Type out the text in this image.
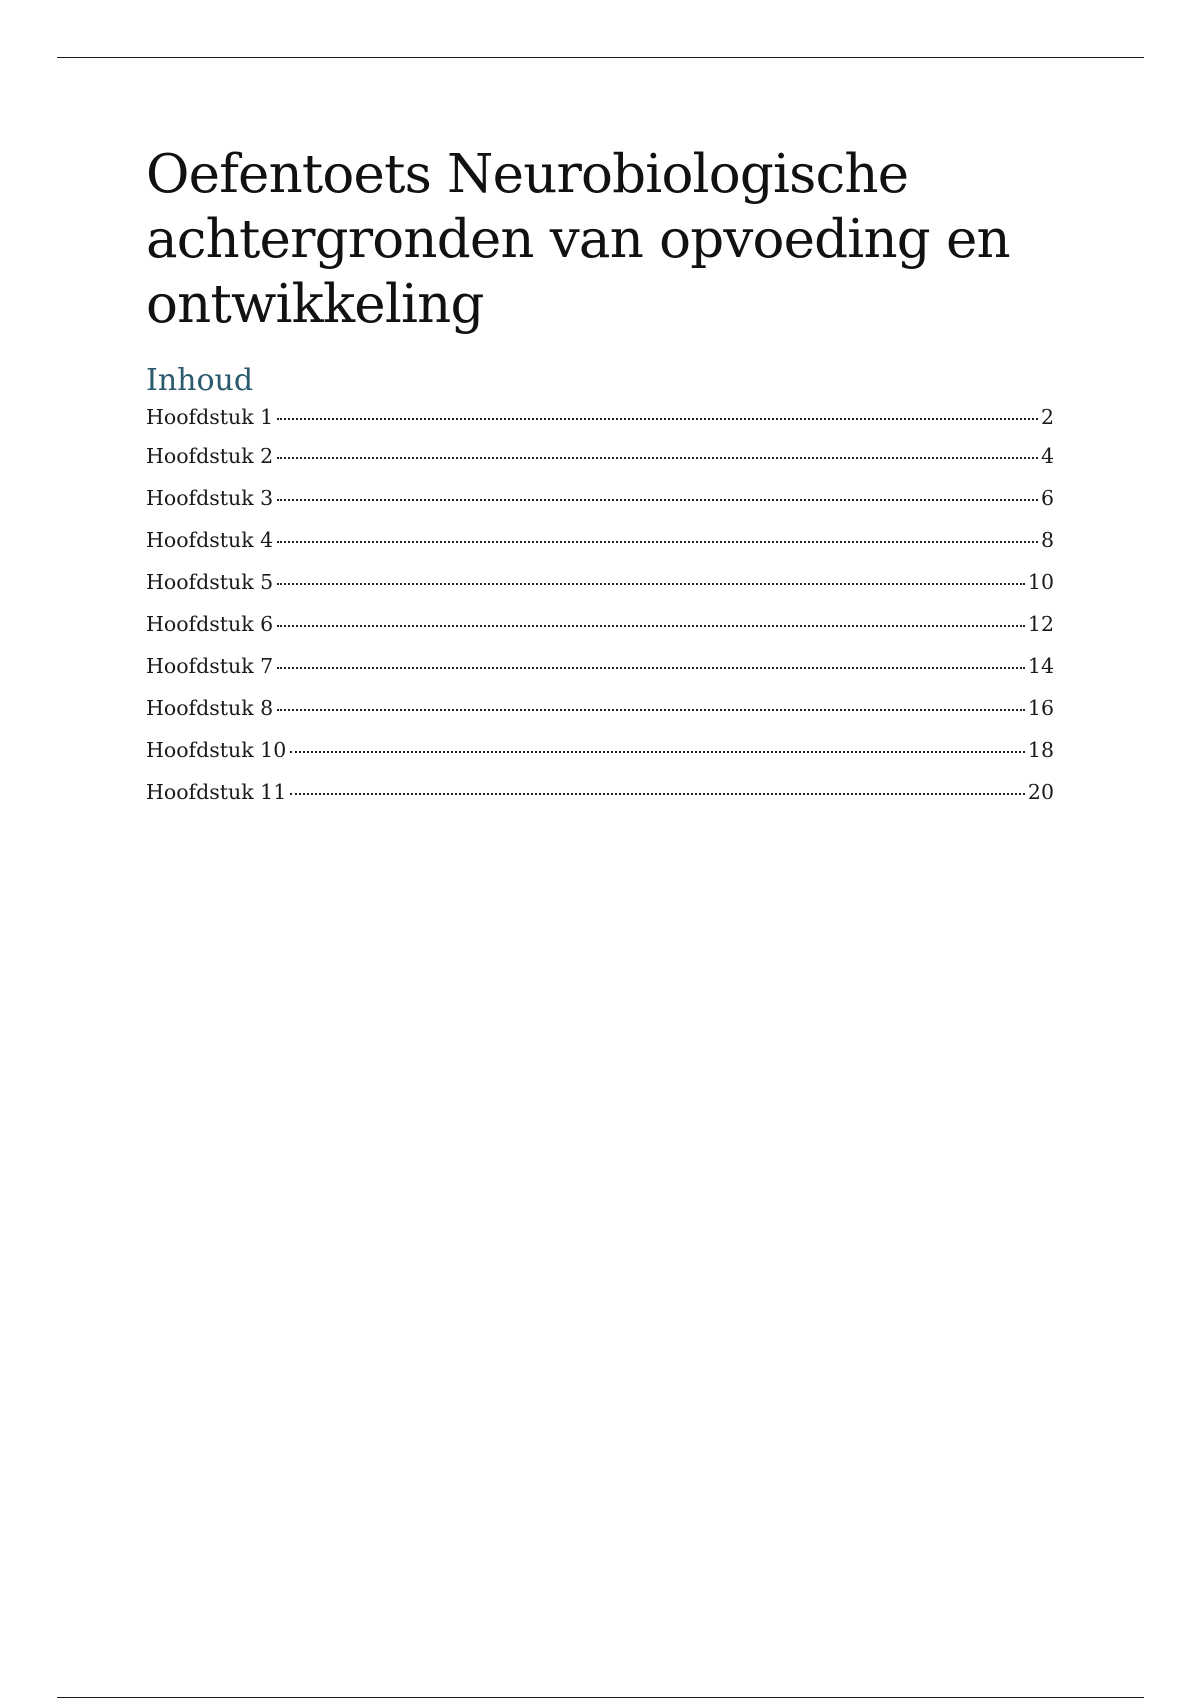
Oefentoets Neurobiologische
achtergronden van opvoeding en
ontwikkeling
Inhoud
Hoofdstuk 1	2
Hoofdstuk 2	4
Hoofdstuk 3	6
Hoofdstuk 4	8
Hoofdstuk 5	10
Hoofdstuk 6	12
Hoofdstuk 7	14
Hoofdstuk 8	16
Hoofdstuk 10	18
Hoofdstuk 11	20
